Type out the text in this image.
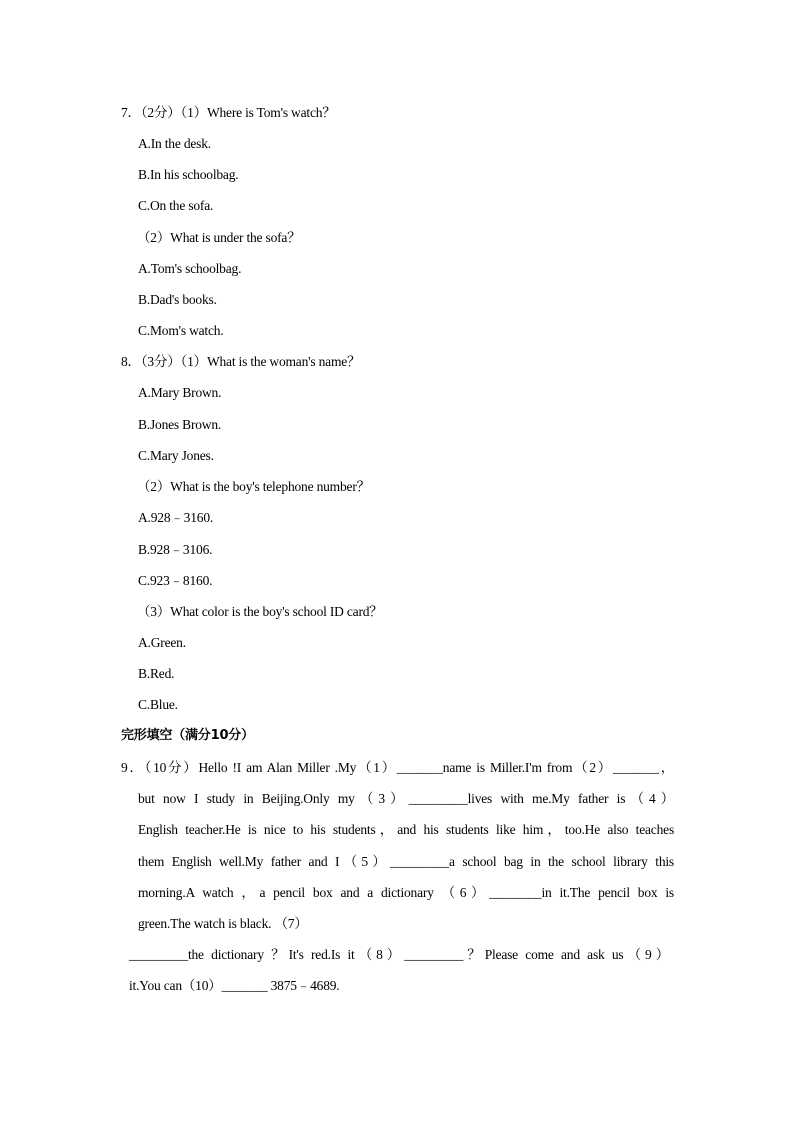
7．（2分）（1）Where is Tom's watch？
A.In the desk.
B.In his schoolbag.
C.On the sofa.
（2）What is under the sofa？
A.Tom's schoolbag.
B.Dad's books.
C.Mom's watch.
8．（3分）（1）What is the woman's name？
A.Mary Brown.
B.Jones Brown.
C.Mary Jones.
（2）What is the boy's telephone number？
A.928﹣3160.
B.928﹣3106.
C.923﹣8160.
（3）What color is the boy's school ID card？
A.Green.
B.Red.
C.Blue.
完形填空（满分10分）
9．（10分）Hello !I am Alan Miller .My（1）_______name is Miller.I'm from（2）_______，
but now I study in Beijing.Only my（3）_________lives with me.My father is（4）
English teacher.He is nice to his students，and his students like him，too.He also teaches
them English well.My father and I（5）_________a school bag in the school library this
morning.A watch ，a pencil box and a dictionary （6）________in it.The pencil box is
green.The watch is black. （7）
_________the dictionary ？It's red.Is it（8）_________？Please come and ask us（9）
it.You can（10）_______ 3875﹣4689.
